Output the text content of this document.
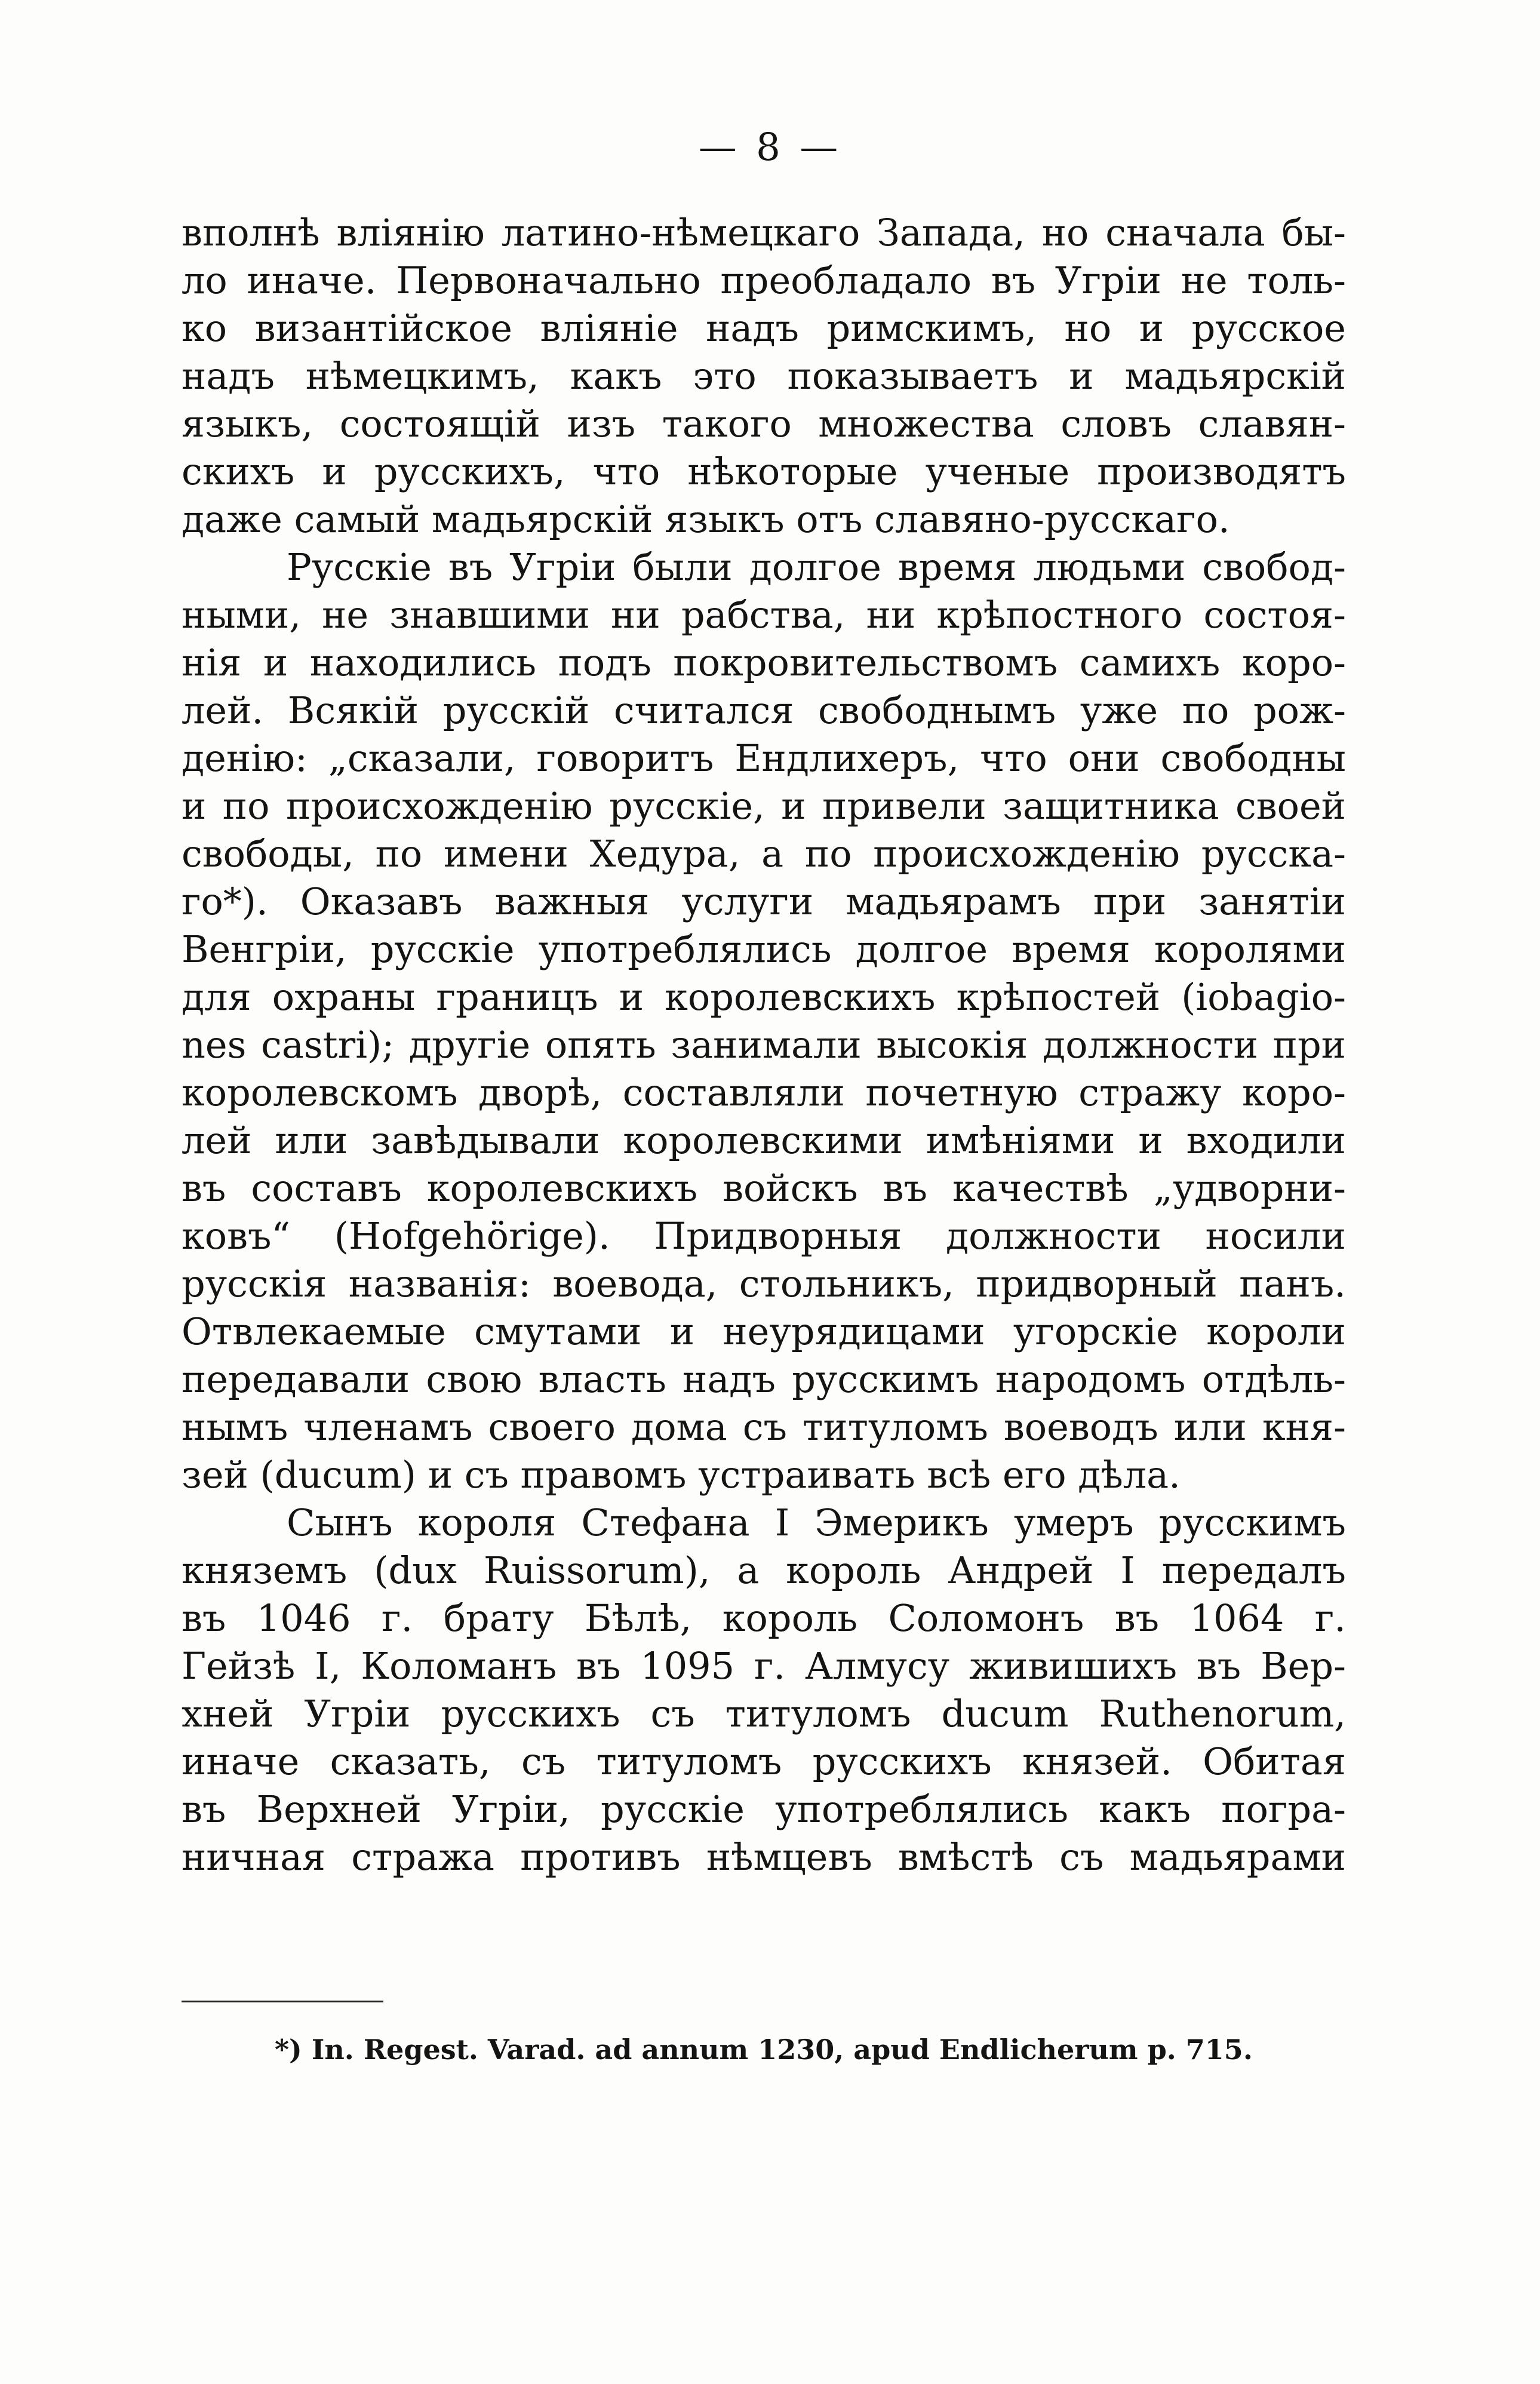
— 8 —

вполнѣ вліянію латино-нѣмецкаго Запада, но сначала бы-

ло иначе. Первоначально преобладало въ Угріи не толь-

ко византійское вліяніе надъ римскимъ, но и русское

надъ нѣмецкимъ, какъ это показываетъ и мадьярскій

языкъ, состоящій изъ такого множества словъ славян-

скихъ и русскихъ, что нѣкоторые ученые производятъ

даже самый мадьярскій языкъ отъ славяно-русскаго.

Русскіе въ Угріи были долгое время людьми свобод-

ными, не знавшими ни рабства, ни крѣпостного состоя-

нія и находились подъ покровительствомъ самихъ коро-

лей. Всякій русскій считался свободнымъ уже по рож-

денію: „сказали, говоритъ Ендлихеръ, что они свободны

и по происхожденію русскіе, и привели защитника своей

свободы, по имени Хедура, а по происхожденію русска-

го*). Оказавъ важныя услуги мадьярамъ при занятіи

Венгріи, русскіе употреблялись долгое время королями

для охраны границъ и королевскихъ крѣпостей (iobagio-

nes castri); другіе опять занимали высокія должности при

королевскомъ дворѣ, составляли почетную стражу коро-

лей или завѣдывали королевскими имѣніями и входили

въ составъ королевскихъ войскъ въ качествѣ „удворни-

ковъ“ (Hofgehörige). Придворныя должности носили

русскія названія: воевода, стольникъ, придворный панъ.

Отвлекаемые смутами и неурядицами угорскіе короли

передавали свою власть надъ русскимъ народомъ отдѣль-

нымъ членамъ своего дома съ титуломъ воеводъ или кня-

зей (ducum) и съ правомъ устраивать всѣ его дѣла.

Сынъ короля Стефана I Эмерикъ умеръ русскимъ

княземъ (dux Ruissorum), а король Андрей I передалъ

въ 1046 г. брату Бѣлѣ, король Соломонъ въ 1064 г.

Гейзѣ I, Коломанъ въ 1095 г. Алмусу живишихъ въ Вер-

хней Угріи русскихъ съ титуломъ ducum Ruthenorum,

иначе сказать, съ титуломъ русскихъ князей. Обитая

въ Верхней Угріи, русскіе употреблялись какъ погра-

ничная стража противъ нѣмцевъ вмѣстѣ съ мадьярами

*) In. Regest. Varad. ad annum 1230, apud Endlicherum p. 715.
